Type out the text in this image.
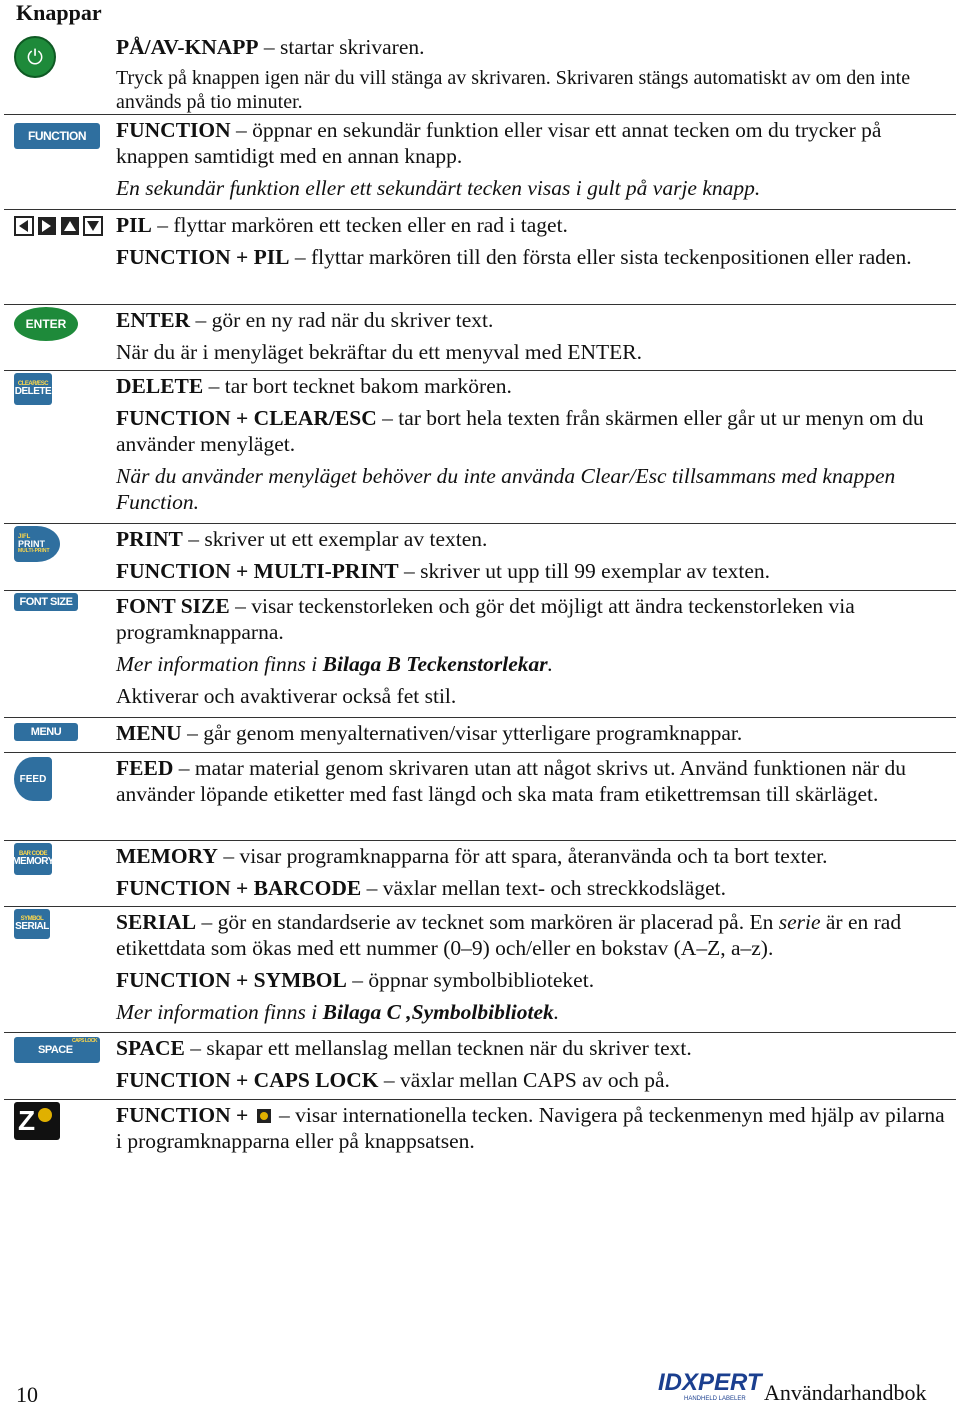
Knappar
⏻	PÅ/AV-KNAPP – startar skrivaren.

Tryck på knappen igen när du vill stänga av skrivaren. Skrivaren stängs automatiskt av om den inte används på tio minuter.

FUNCTION FUNCTION – öppnar en sekundär funktion eller visar ett annat tecken om du trycker på knappen samtidigt med en annan knapp.

En sekundär funktion eller ett sekundärt tecken visas i gult på varje knapp.

PIL – flyttar markören ett tecken eller en rad i taget.

FUNCTION + PIL – flyttar markören till den första eller sista teckenpositionen eller raden.

ENTER ENTER – gör en ny rad när du skriver text.

När du är i menyläget bekräftar du ett menyval med ENTER.

CLEAR/ESC
DELETE	DELETE – tar bort tecknet bakom markören.

FUNCTION + CLEAR/ESC – tar bort hela texten från skärmen eller går ut ur menyn om du använder menyläget.

När du använder menyläget behöver du inte använda Clear/Esc tillsammans med knappen Function.

JIFL
PRINT
MULTI-PRINT	PRINT – skriver ut ett exemplar av texten.

FUNCTION + MULTI-PRINT – skriver ut upp till 99 exemplar av texten.

FONT SIZE FONT SIZE – visar teckenstorleken och gör det möjligt att ändra teckenstorleken via programknapparna.

Mer information finns i Bilaga B Teckenstorlekar.

Aktiverar och avaktiverar också fet stil.

MENU	MENU – går genom menyalternativen/visar ytterligare programknappar.

FEED	FEED – matar material genom skrivaren utan att något skrivs ut. Använd funktionen när du använder löpande etiketter med fast längd och ska mata fram etikettremsan till skärläget.

BAR CODE
MEMORY	MEMORY – visar programknapparna för att spara, återanvända och ta bort texter.

FUNCTION + BARCODE – växlar mellan text- och streckkodsläget.

SYMBOL
SERIAL	SERIAL – gör en standardserie av tecknet som markören är placerad på. En serie är en rad etikettdata som ökas med ett nummer (0–9) och/eller en bokstav (A–Z, a–z).

FUNCTION + SYMBOL – öppnar symbolbiblioteket.

Mer information finns i Bilaga C ,Symbolbibliotek.

SPACE
CAPS LOCK SPACE – skapar ett mellanslag mellan tecknen när du skriver text.

FUNCTION + CAPS LOCK – växlar mellan CAPS av och på.

Z	FUNCTION +  – visar internationella tecken. Navigera på teckenmenyn med hjälp av pilarna i programknapparna eller på knappsatsen.

10	IDXPERT
HANDHELD LABELER Användarhandbok
